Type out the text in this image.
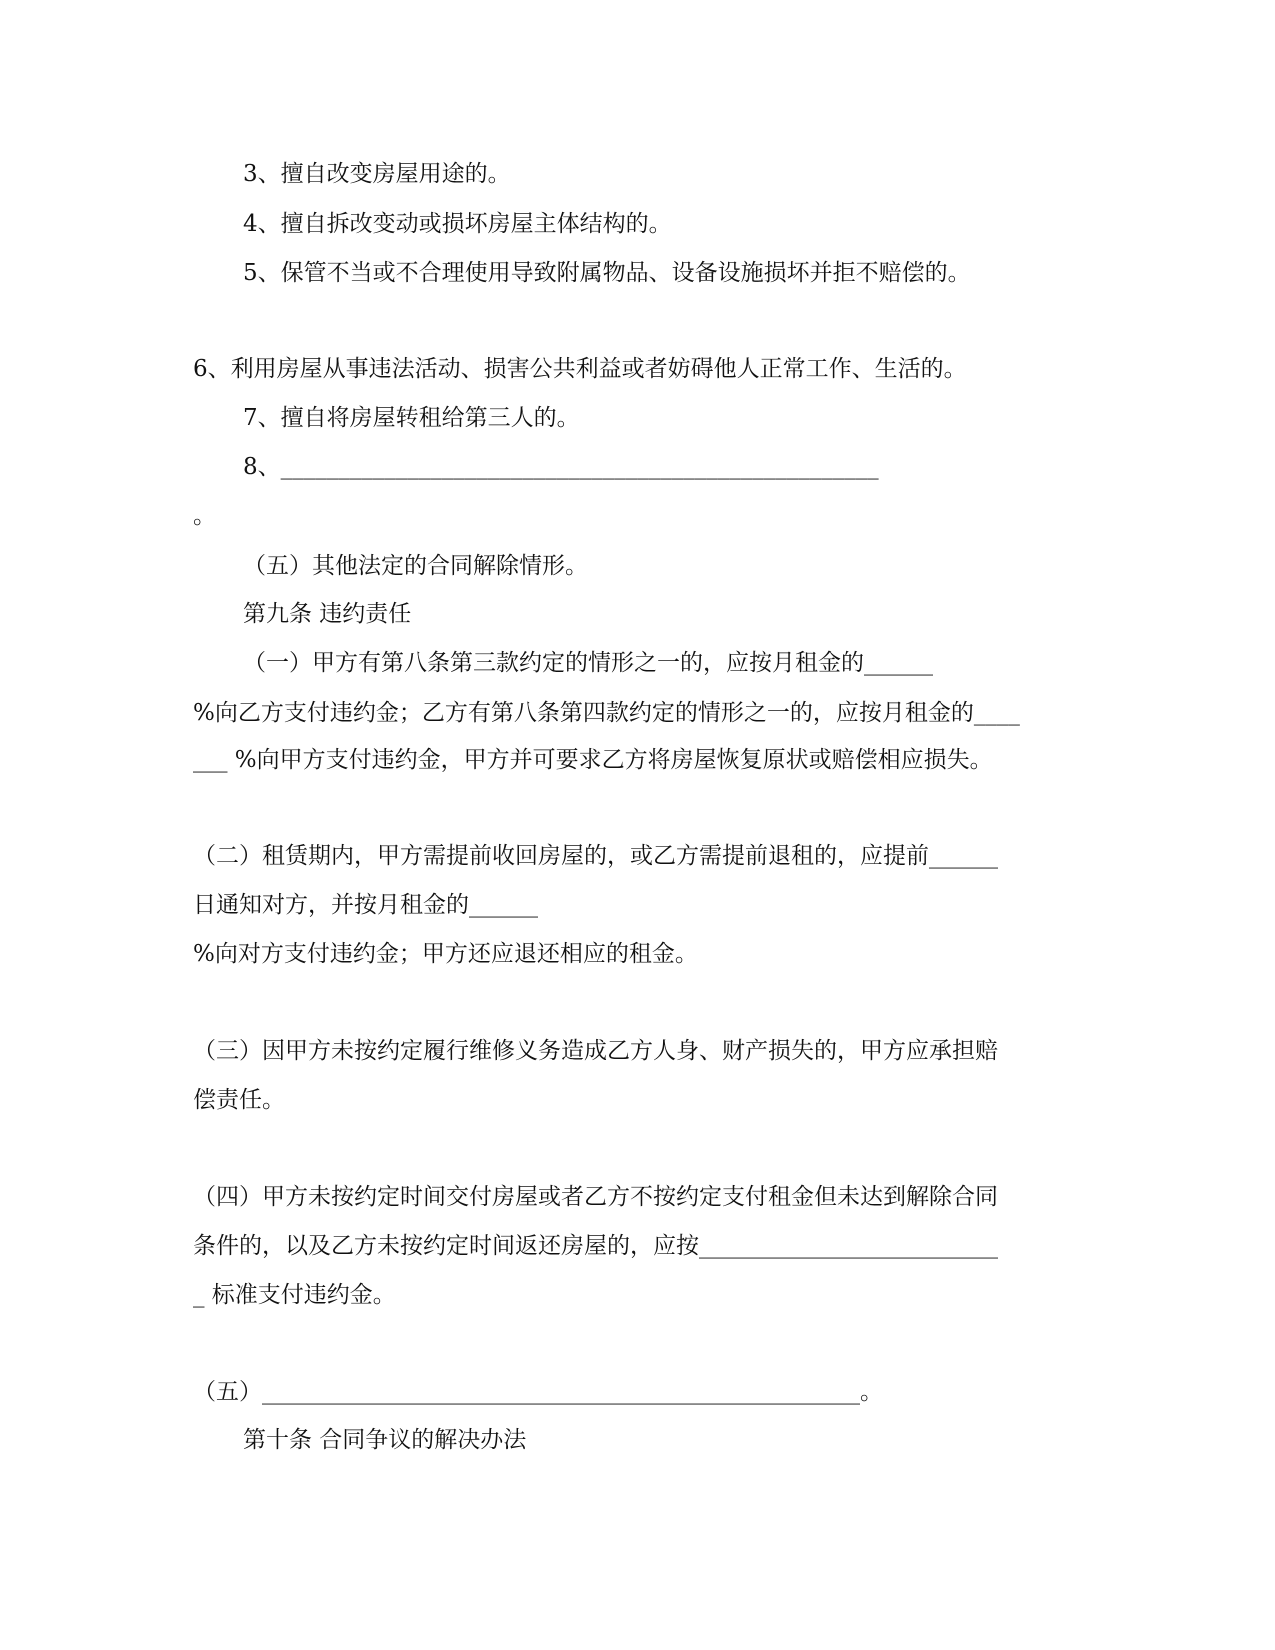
3、擅自改变房屋用途的。

4、擅自拆改变动或损坏房屋主体结构的。

5、保管不当或不合理使用导致附属物品、设备设施损坏并拒不赔偿的。

6、利用房屋从事违法活动、损害公共利益或者妨碍他人正常工作、生活的。

7、擅自将房屋转租给第三人的。

8、____________________________________________________

。

（五）其他法定的合同解除情形。

第九条 违约责任

（一）甲方有第八条第三款约定的情形之一的，应按月租金的______

%向乙方支付违约金；乙方有第八条第四款约定的情形之一的，应按月租金的____

___ %向甲方支付违约金，甲方并可要求乙方将房屋恢复原状或赔偿相应损失。

（二）租赁期内，甲方需提前收回房屋的，或乙方需提前退租的，应提前______

日通知对方，并按月租金的______

%向对方支付违约金；甲方还应退还相应的租金。

（三）因甲方未按约定履行维修义务造成乙方人身、财产损失的，甲方应承担赔

偿责任。

（四）甲方未按约定时间交付房屋或者乙方不按约定支付租金但未达到解除合同

条件的，以及乙方未按约定时间返还房屋的，应按__________________________

_ 标准支付违约金。

（五）____________________________________________________。

第十条 合同争议的解决办法
